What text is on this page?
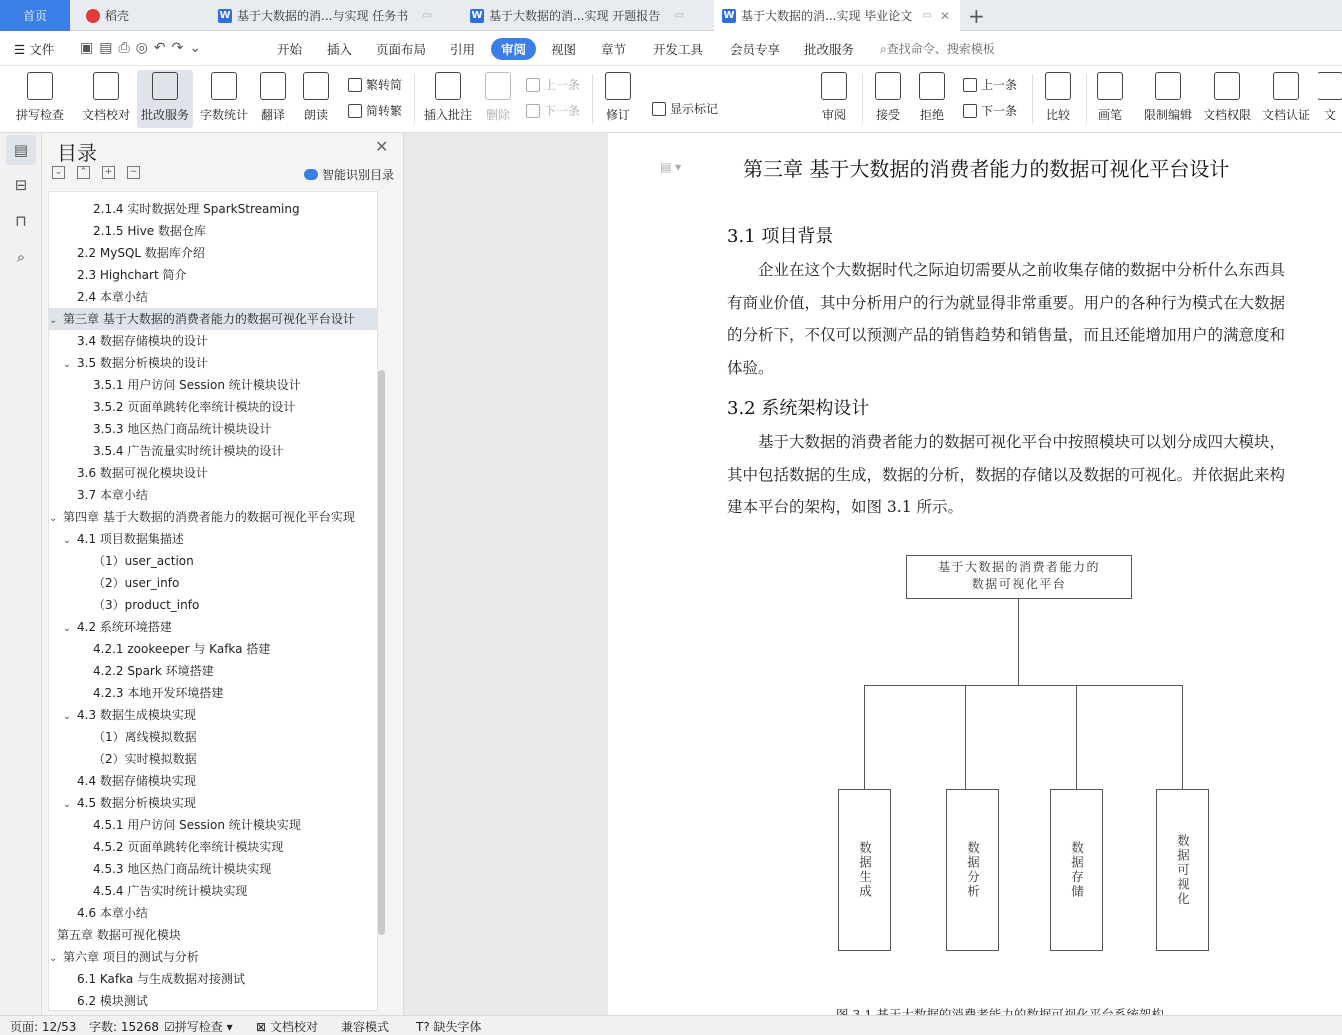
首页	稻壳	W 基于大数据的消...与实现 任务书 ▭	W 基于大数据的消...实现 开题报告 ▭	W 基于大数据的消...实现 毕业论文 ▭ ✕ +
☰ 文件 ▣▤⎙◎↶↷⌄	开始 插入 页面布局 引用	审阅	视图 章节 开发工具 会员专享 批改服务 ⌕查找命令、搜索模板
拼写检查 文档校对 批改服务 字数统计 翻译 朗读
繁转简
简转繁 插入批注 删除
上一条
下一条 修订
▾	显示标记	审阅 接受 拒绝
上一条
下一条 比较 画笔 限制编辑 文档权限 文档认证 文
▤
⊟
⊓
⌕
目录	✕
⌄	⌃	+	−	智能识别目录
2.1.4 实时数据处理 SparkStreaming
2.1.5 Hive 数据仓库
2.2 MySQL 数据库介绍
2.3 Highchart 简介
2.4 本章小结
⌄ 第三章 基于大数据的消费者能力的数据可视化平台设计
3.4 数据存储模块的设计
⌄ 3.5 数据分析模块的设计
3.5.1 用户访问 Session 统计模块设计
3.5.2 页面单跳转化率统计模块的设计
3.5.3 地区热门商品统计模块设计
3.5.4 广告流量实时统计模块的设计
3.6 数据可视化模块设计
3.7 本章小结
⌄ 第四章 基于大数据的消费者能力的数据可视化平台实现
⌄ 4.1 项目数据集描述
（1）user_action
（2）user_info
（3）product_info
⌄ 4.2 系统环境搭建
4.2.1 zookeeper 与 Kafka 搭建
4.2.2 Spark 环境搭建
4.2.3 本地开发环境搭建
⌄ 4.3 数据生成模块实现
（1）离线模拟数据
（2）实时模拟数据
4.4 数据存储模块实现
⌄ 4.5 数据分析模块实现
4.5.1 用户访问 Session 统计模块实现
4.5.2 页面单跳转化率统计模块实现
4.5.3 地区热门商品统计模块实现
4.5.4 广告实时统计模块实现
4.6 本章小结
第五章 数据可视化模块
⌄ 第六章 项目的测试与分析
6.1 Kafka 与生成数据对接测试
6.2 模块测试
▤ ▾	第三章 基于大数据的消费者能力的数据可视化平台设计
3.1 项目背景
企业在这个大数据时代之际迫切需要从之前收集存储的数据中分析什么东西具有商业价值，其中分析用户的行为就显得非常重要。用户的各种行为模式在大数据的分析下，不仅可以预测产品的销售趋势和销售量，而且还能增加用户的满意度和体验。
3.2 系统架构设计
基于大数据的消费者能力的数据可视化平台中按照模块可以划分成四大模块，其中包括数据的生成，数据的分析，数据的存储以及数据的可视化。并依据此来构建本平台的架构，如图 3.1 所示。
基于大数据的消费者能力的
数据可视化平台
数据生成	数据分析	数据存储	数据可视化
页面: 12/53 字数: 15268 ☑拼写检查 ▾ ⊠ 文档校对 兼容模式 T? 缺失字体
